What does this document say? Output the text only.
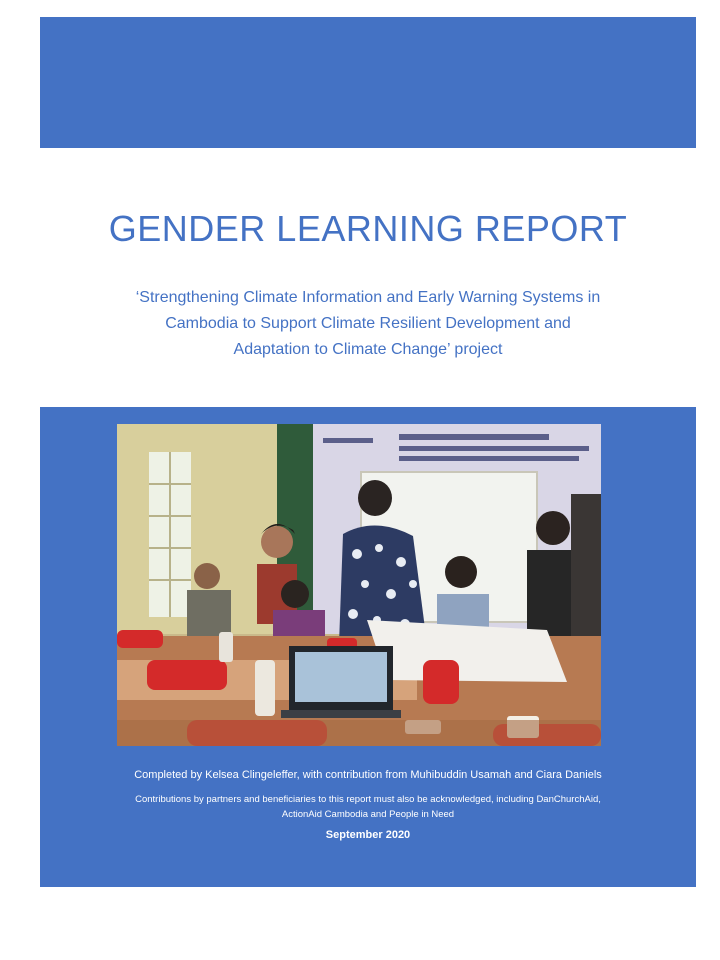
GENDER LEARNING REPORT
‘Strengthening Climate Information and Early Warning Systems in
Cambodia to Support Climate Resilient Development and
Adaptation to Climate Change’ project
Completed by Kelsea Clingeleffer, with contribution from Muhibuddin Usamah and Ciara Daniels
Contributions by partners and beneficiaries to this report must also be acknowledged, including DanChurchAid,
ActionAid Cambodia and People in Need
September 2020
